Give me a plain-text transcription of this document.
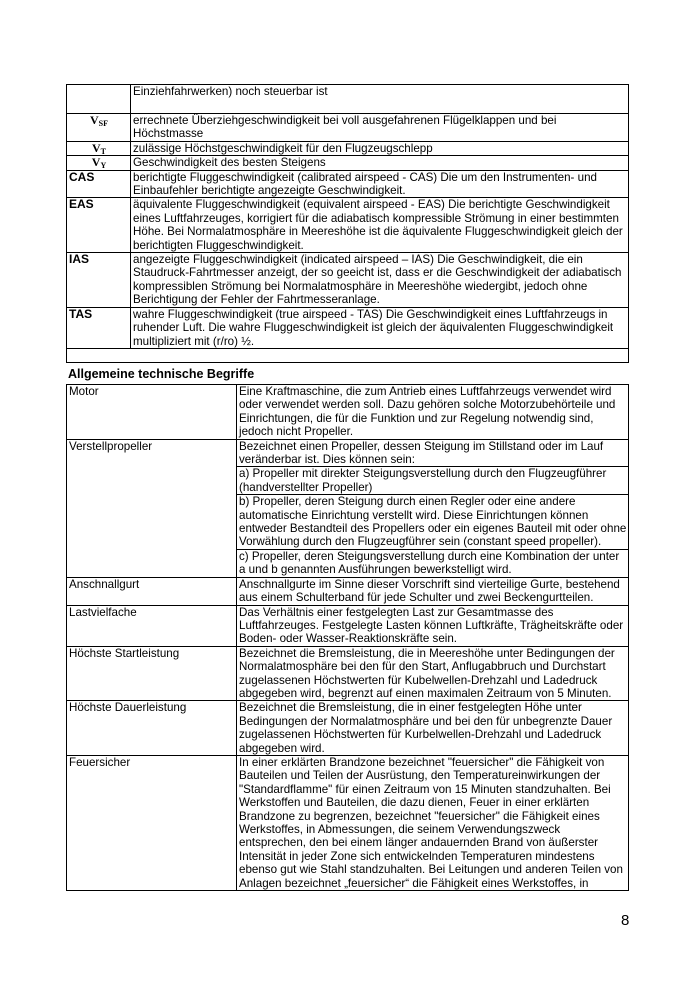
	Einziehfahrwerken) noch steuerbar ist
$V_{SF}$	errechnete Überziehgeschwindigkeit bei voll ausgefahrenen Flügelklappen und bei Höchstmasse
$V_T$	zulässige Höchstgeschwindigkeit für den Flugzeugschlepp
$V_Y$	Geschwindigkeit des besten Steigens
CAS	berichtigte Fluggeschwindigkeit (calibrated airspeed - CAS) Die um den Instrumenten- und Einbaufehler berichtigte angezeigte Geschwindigkeit.
EAS	äquivalente Fluggeschwindigkeit (equivalent airspeed - EAS) Die berichtigte Geschwindigkeit eines Luftfahrzeuges, korrigiert für die adiabatisch kompressible Strömung in einer bestimmten Höhe. Bei Normalatmosphäre in Meereshöhe ist die äquivalente Fluggeschwindigkeit gleich der berichtigten Fluggeschwindigkeit.
IAS	angezeigte Fluggeschwindigkeit (indicated airspeed – IAS) Die Geschwindigkeit, die ein Staudruck-Fahrtmesser anzeigt, der so geeicht ist, dass er die Geschwindigkeit der adiabatisch kompressiblen Strömung bei Normalatmosphäre in Meereshöhe wiedergibt, jedoch ohne Berichtigung der Fehler der Fahrtmesseranlage.
TAS	wahre Fluggeschwindigkeit (true airspeed - TAS) Die Geschwindigkeit eines Luftfahrzeugs in ruhender Luft. Die wahre Fluggeschwindigkeit ist gleich der äquivalenten Fluggeschwindigkeit multipliziert mit (r/ro) ½.

Allgemeine technische Begriffe
Motor	Eine Kraftmaschine, die zum Antrieb eines Luftfahrzeugs verwendet wird oder verwendet werden soll. Dazu gehören solche Motorzubehörteile und Einrichtungen, die für die Funktion und zur Regelung notwendig sind, jedoch nicht Propeller.
Verstellpropeller	Bezeichnet einen Propeller, dessen Steigung im Stillstand oder im Lauf veränderbar ist. Dies können sein:
	a) Propeller mit direkter Steigungsverstellung durch den Flugzeugführer (handverstellter Propeller)
	b) Propeller, deren Steigung durch einen Regler oder eine andere automatische Einrichtung verstellt wird. Diese Einrichtungen können entweder Bestandteil des Propellers oder ein eigenes Bauteil mit oder ohne Vorwählung durch den Flugzeugführer sein (constant speed propeller).
	c) Propeller, deren Steigungsverstellung durch eine Kombination der unter a und b genannten Ausführungen bewerkstelligt wird.
Anschnallgurt	Anschnallgurte im Sinne dieser Vorschrift sind vierteilige Gurte, bestehend aus einem Schulterband für jede Schulter und zwei Beckengurtteilen.
Lastvielfache	Das Verhältnis einer festgelegten Last zur Gesamtmasse des Luftfahrzeuges. Festgelegte Lasten können Luftkräfte, Trägheitskräfte oder Boden- oder Wasser-Reaktionskräfte sein.
Höchste Startleistung	Bezeichnet die Bremsleistung, die in Meereshöhe unter Bedingungen der Normalatmosphäre bei den für den Start, Anflugabbruch und Durchstart zugelassenen Höchstwerten für Kubelwellen-Drehzahl und Ladedruck abgegeben wird, begrenzt auf einen maximalen Zeitraum von 5 Minuten.
Höchste Dauerleistung	Bezeichnet die Bremsleistung, die in einer festgelegten Höhe unter Bedingungen der Normalatmosphäre und bei den für unbegrenzte Dauer zugelassenen Höchstwerten für Kurbelwellen-Drehzahl und Ladedruck abgegeben wird.
Feuersicher	In einer erklärten Brandzone bezeichnet "feuersicher" die Fähigkeit von Bauteilen und Teilen der Ausrüstung, den Temperatureinwirkungen der "Standardflamme" für einen Zeitraum von 15 Minuten standzuhalten. Bei Werkstoffen und Bauteilen, die dazu dienen, Feuer in einer erklärten Brandzone zu begrenzen, bezeichnet "feuersicher" die Fähigkeit eines Werkstoffes, in Abmessungen, die seinem Verwendungszweck entsprechen, den bei einem länger andauernden Brand von äußerster Intensität in jeder Zone sich entwickelnden Temperaturen mindestens ebenso gut wie Stahl standzuhalten. Bei Leitungen und anderen Teilen von Anlagen bezeichnet „feuersicher“ die Fähigkeit eines Werkstoffes, in
8
